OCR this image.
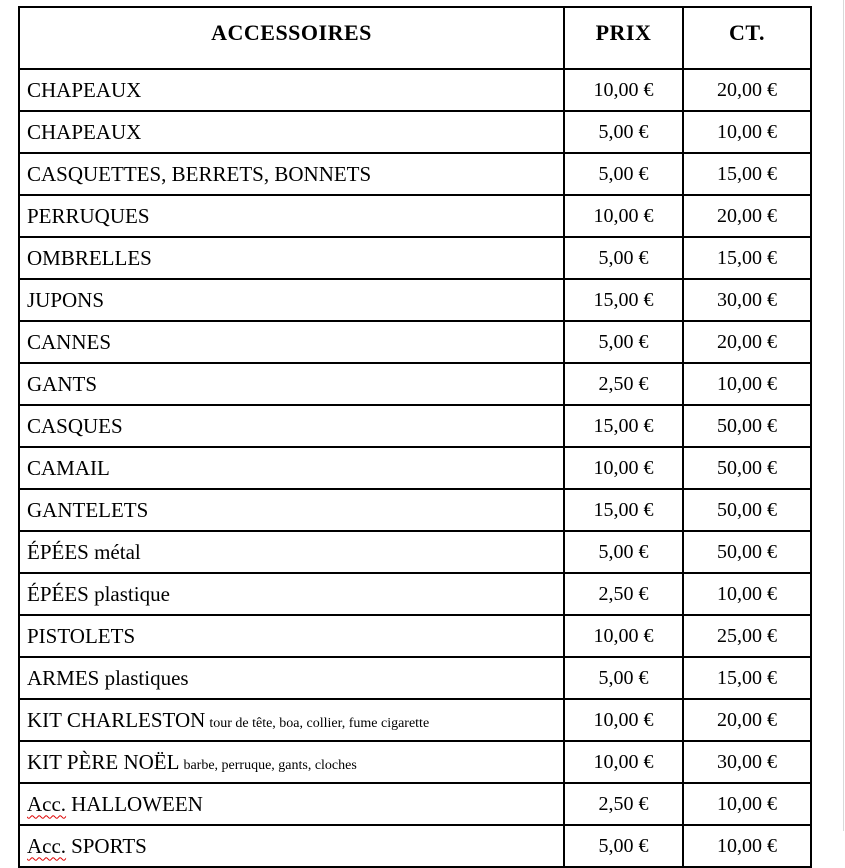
ACCESSOIRES	PRIX	CT.
CHAPEAUX	10,00 €	20,00 €
CHAPEAUX	5,00 €	10,00 €
CASQUETTES, BERRETS, BONNETS	5,00 €	15,00 €
PERRUQUES	10,00 €	20,00 €
OMBRELLES	5,00 €	15,00 €
JUPONS	15,00 €	30,00 €
CANNES	5,00 €	20,00 €
GANTS	2,50 €	10,00 €
CASQUES	15,00 €	50,00 €
CAMAIL	10,00 €	50,00 €
GANTELETS	15,00 €	50,00 €
ÉPÉES métal	5,00 €	50,00 €
ÉPÉES plastique	2,50 €	10,00 €
PISTOLETS	10,00 €	25,00 €
ARMES plastiques	5,00 €	15,00 €
KIT CHARLESTON tour de tête, boa, collier, fume cigarette	10,00 €	20,00 €
KIT PÈRE NOËL barbe, perruque, gants, cloches	10,00 €	30,00 €
Acc. HALLOWEEN	2,50 €	10,00 €
Acc. SPORTS	5,00 €	10,00 €
